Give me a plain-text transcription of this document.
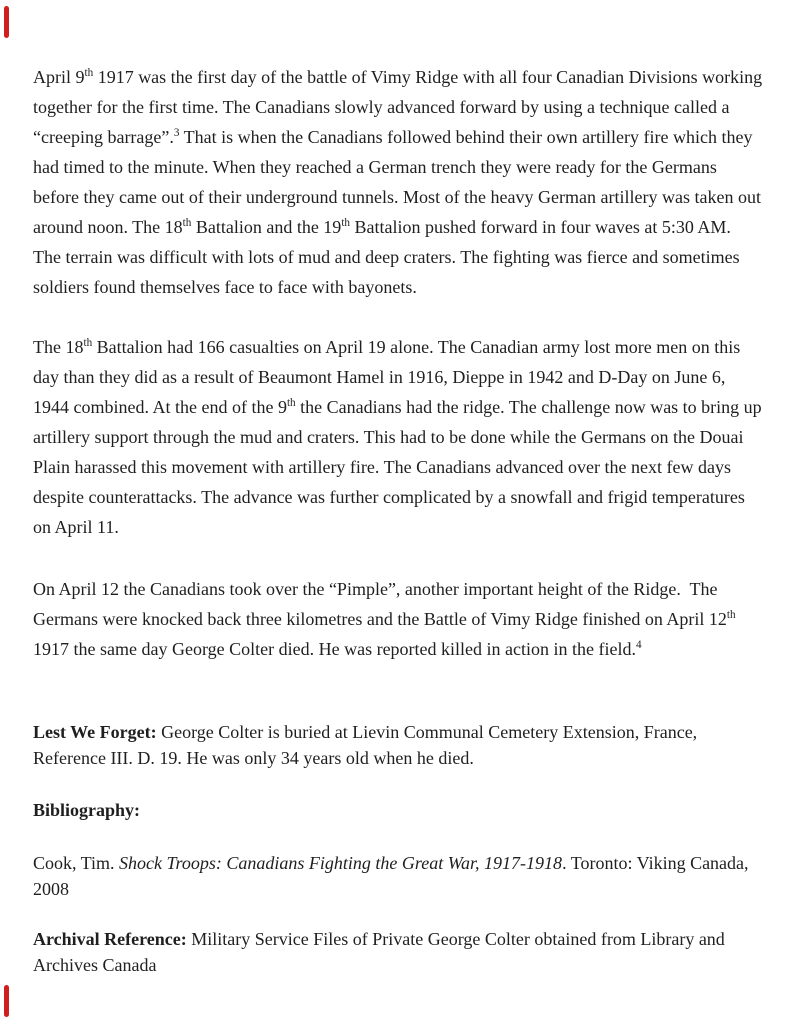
April 9th 1917 was the first day of the battle of Vimy Ridge with all four Canadian Divisions working together for the first time. The Canadians slowly advanced forward by using a technique called a “creeping barrage”.$^3$ That is when the Canadians followed behind their own artillery fire which they had timed to the minute. When they reached a German trench they were ready for the Germans before they came out of their underground tunnels. Most of the heavy German artillery was taken out around noon. The 18th Battalion and the 19th Battalion pushed forward in four waves at 5:30 AM. The terrain was difficult with lots of mud and deep craters. The fighting was fierce and sometimes soldiers found themselves face to face with bayonets.

The 18th Battalion had 166 casualties on April 19 alone. The Canadian army lost more men on this day than they did as a result of Beaumont Hamel in 1916, Dieppe in 1942 and D-Day on June 6, 1944 combined. At the end of the 9th the Canadians had the ridge. The challenge now was to bring up artillery support through the mud and craters. This had to be done while the Germans on the Douai Plain harassed this movement with artillery fire. The Canadians advanced over the next few days despite counterattacks. The advance was further complicated by a snowfall and frigid temperatures on April 11.

On April 12 the Canadians took over the “Pimple”, another important height of the Ridge.  The Germans were knocked back three kilometres and the Battle of Vimy Ridge finished on April 12th 1917 the same day George Colter died. He was reported killed in action in the field.$^4$

Lest We Forget: George Colter is buried at Lievin Communal Cemetery Extension, France, Reference III. D. 19. He was only 34 years old when he died.

Bibliography:

Cook, Tim. Shock Troops: Canadians Fighting the Great War, 1917-1918. Toronto: Viking Canada, 2008

Archival Reference: Military Service Files of Private George Colter obtained from Library and Archives Canada
